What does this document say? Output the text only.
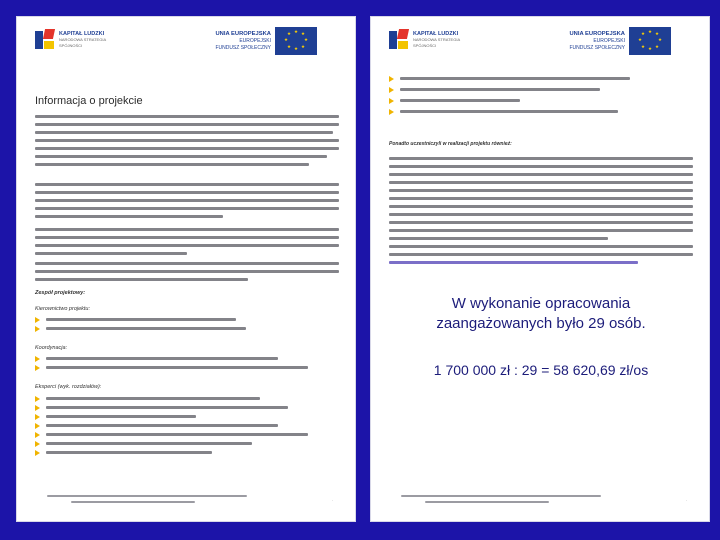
KAPITAŁ LUDZKI
NARODOWA STRATEGIA SPÓJNOŚCI
UNIA EUROPEJSKA
EUROPEJSKI
FUNDUSZ SPOŁECZNY
★ ★
★
★
★
★
★
★
Informacja o projekcie
Zespół projektowy:
Kierownictwo projektu:
Koordynacja:
Eksperci (wyk. rozdziałów):
·
KAPITAŁ LUDZKI
NARODOWA STRATEGIA SPÓJNOŚCI
UNIA EUROPEJSKA
EUROPEJSKI
FUNDUSZ SPOŁECZNY
★ ★
★
★
★
★
★
★
Ponadto uczestniczyli w realizacji projektu również:
W wykonanie opracowania
zaangażowanych było 29 osób.
1 700 000 zł : 29 = 58 620,69 zł/os
·
